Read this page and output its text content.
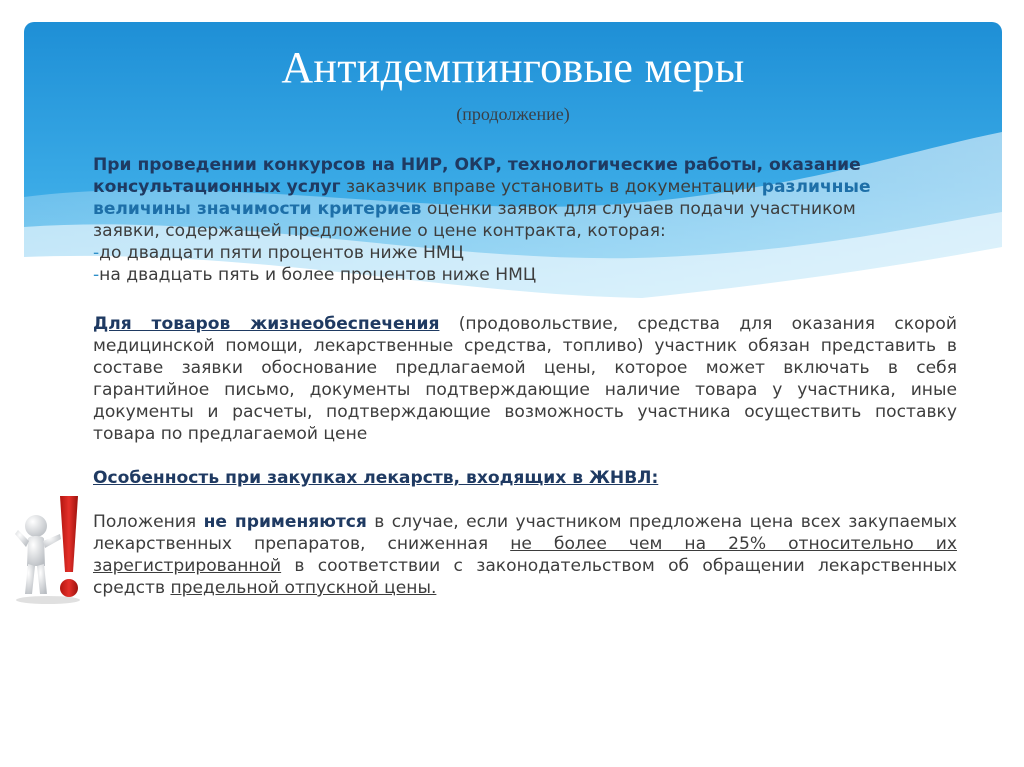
Антидемпинговые меры
(продолжение)
При проведении конкурсов на НИР, ОКР, технологические работы, оказание
консультационных услуг заказчик вправе установить в документации различные
величины значимости критериев оценки заявок для случаев подачи участником
заявки, содержащей предложение о цене контракта, которая:
-до двадцати пяти процентов ниже НМЦ
-на двадцать пять и более процентов ниже НМЦ
Для товаров жизнеобеспечения (продовольствие, средства для оказания скорой медицинской помощи, лекарственные средства, топливо) участник обязан представить в составе заявки обоснование предлагаемой цены, которое может включать в себя гарантийное письмо, документы подтверждающие наличие товара у участника, иные документы и расчеты, подтверждающие возможность участника осуществить поставку товара по предлагаемой цене
Особенность при закупках лекарств, входящих в ЖНВЛ:
Положения не применяются в случае, если участником предложена цена всех закупаемых лекарственных препаратов, сниженная не более чем на 25% относительно их зарегистрированной в соответствии с законодательством об обращении лекарственных средств предельной отпускной цены.
